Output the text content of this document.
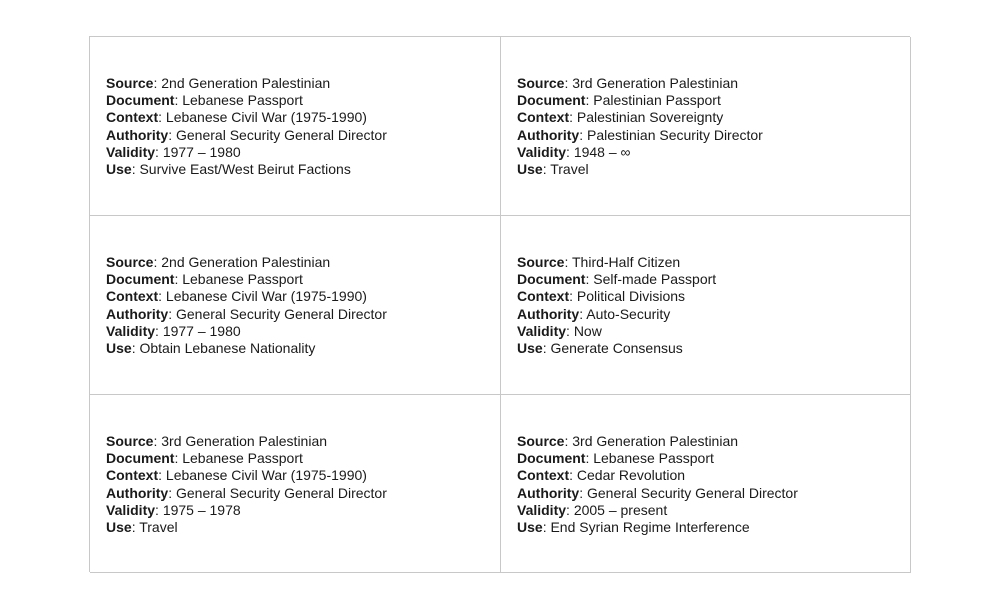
Source: 2nd Generation Palestinian
Document: Lebanese Passport
Context: Lebanese Civil War (1975-1990)
Authority: General Security General Director
Validity: 1977 – 1980
Use: Survive East/West Beirut Factions
Source: 3rd Generation Palestinian
Document: Palestinian Passport
Context: Palestinian Sovereignty
Authority: Palestinian Security Director
Validity: 1948 – ∞
Use: Travel
Source: 2nd Generation Palestinian
Document: Lebanese Passport
Context: Lebanese Civil War (1975-1990)
Authority: General Security General Director
Validity: 1977 – 1980
Use: Obtain Lebanese Nationality
Source: Third-Half Citizen
Document: Self-made Passport
Context: Political Divisions
Authority: Auto-Security
Validity: Now
Use: Generate Consensus
Source: 3rd Generation Palestinian
Document: Lebanese Passport
Context: Lebanese Civil War (1975-1990)
Authority: General Security General Director
Validity: 1975 – 1978
Use: Travel
Source: 3rd Generation Palestinian
Document: Lebanese Passport
Context: Cedar Revolution
Authority: General Security General Director
Validity: 2005 – present
Use: End Syrian Regime Interference
